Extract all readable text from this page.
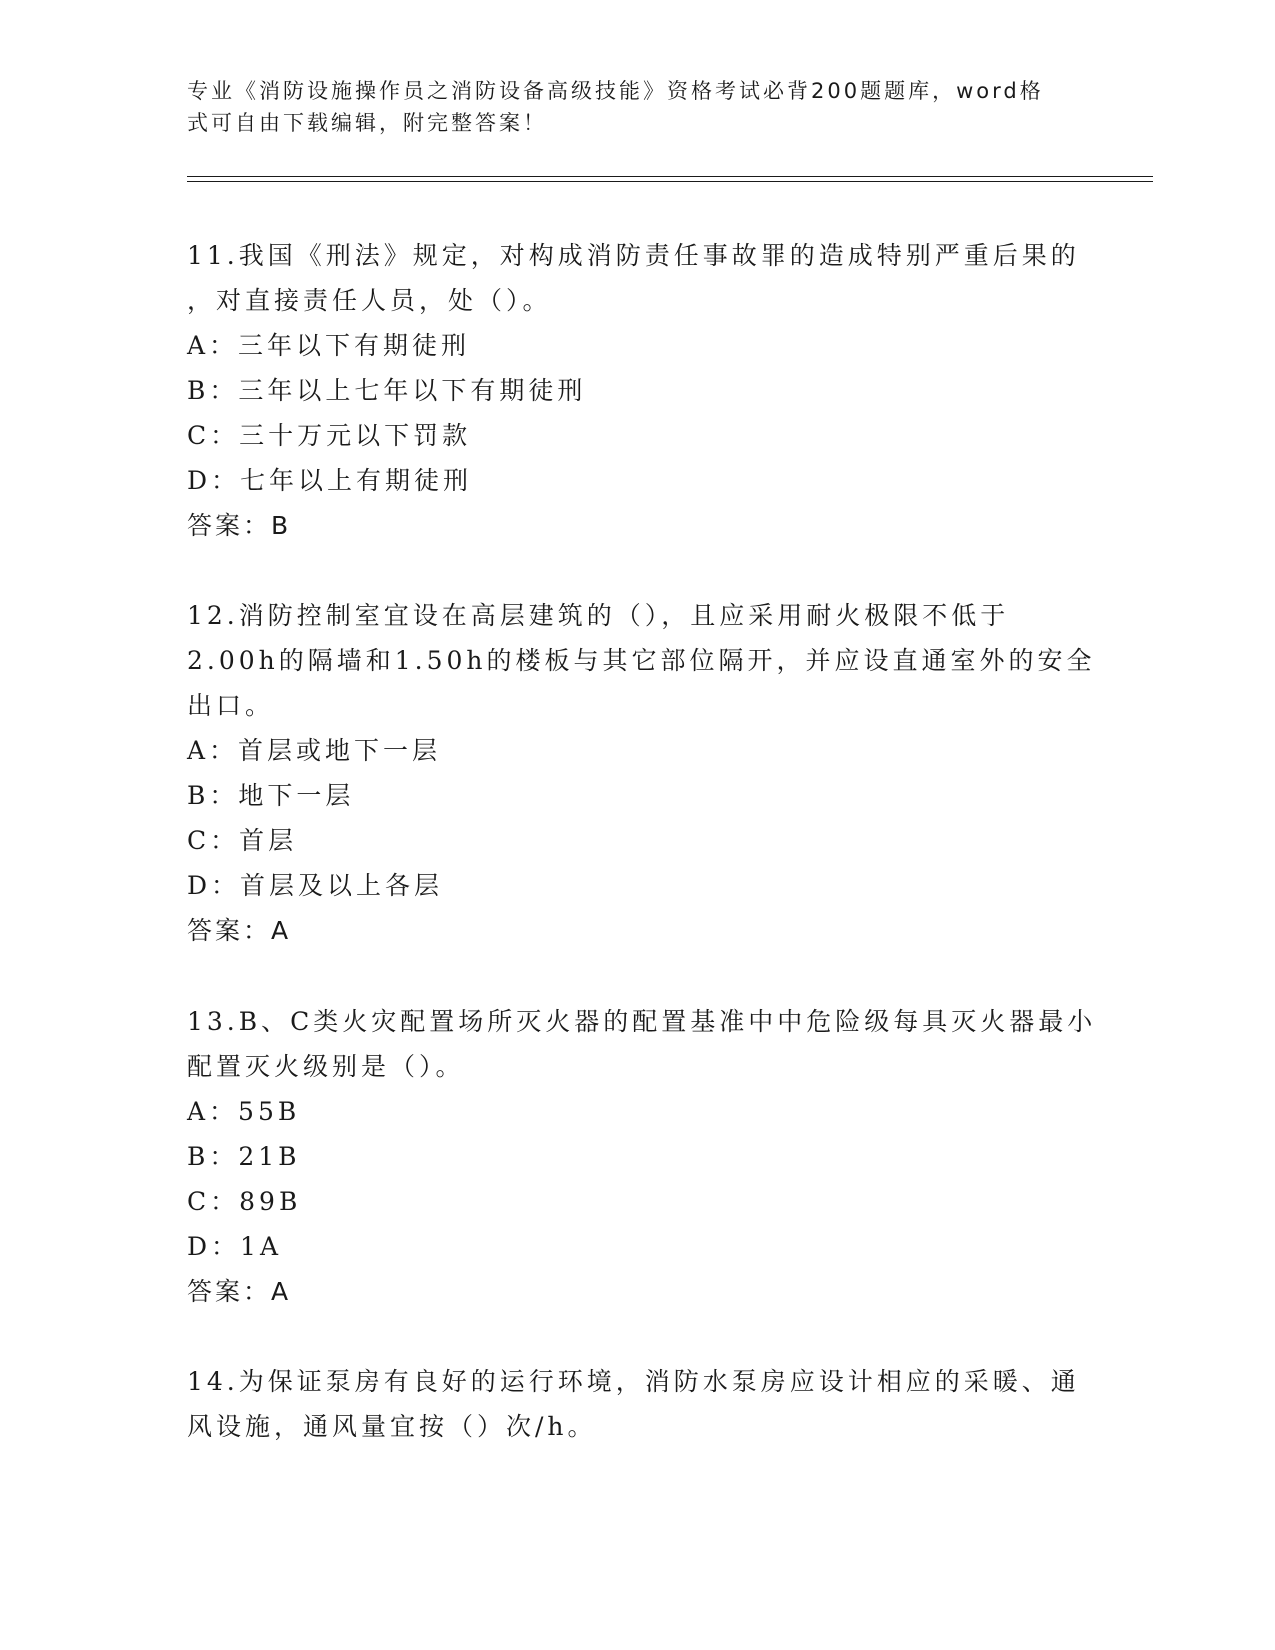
专业《消防设施操作员之消防设备高级技能》资格考试必背200题题库，word格
式可自由下载编辑，附完整答案！
11.我国《刑法》规定，对构成消防责任事故罪的造成特别严重后果的
，对直接责任人员，处（）。
A：三年以下有期徒刑
B：三年以上七年以下有期徒刑
C：三十万元以下罚款
D：七年以上有期徒刑
答案：B
12.消防控制室宜设在高层建筑的（），且应采用耐火极限不低于
2.00h的隔墙和1.50h的楼板与其它部位隔开，并应设直通室外的安全
出口。
A：首层或地下一层
B：地下一层
C：首层
D：首层及以上各层
答案：A
13.B、C类火灾配置场所灭火器的配置基准中中危险级每具灭火器最小
配置灭火级别是（）。
A：55B
B：21B
C：89B
D：1A
答案：A
14.为保证泵房有良好的运行环境，消防水泵房应设计相应的采暖、通
风设施，通风量宜按（）次/h。
